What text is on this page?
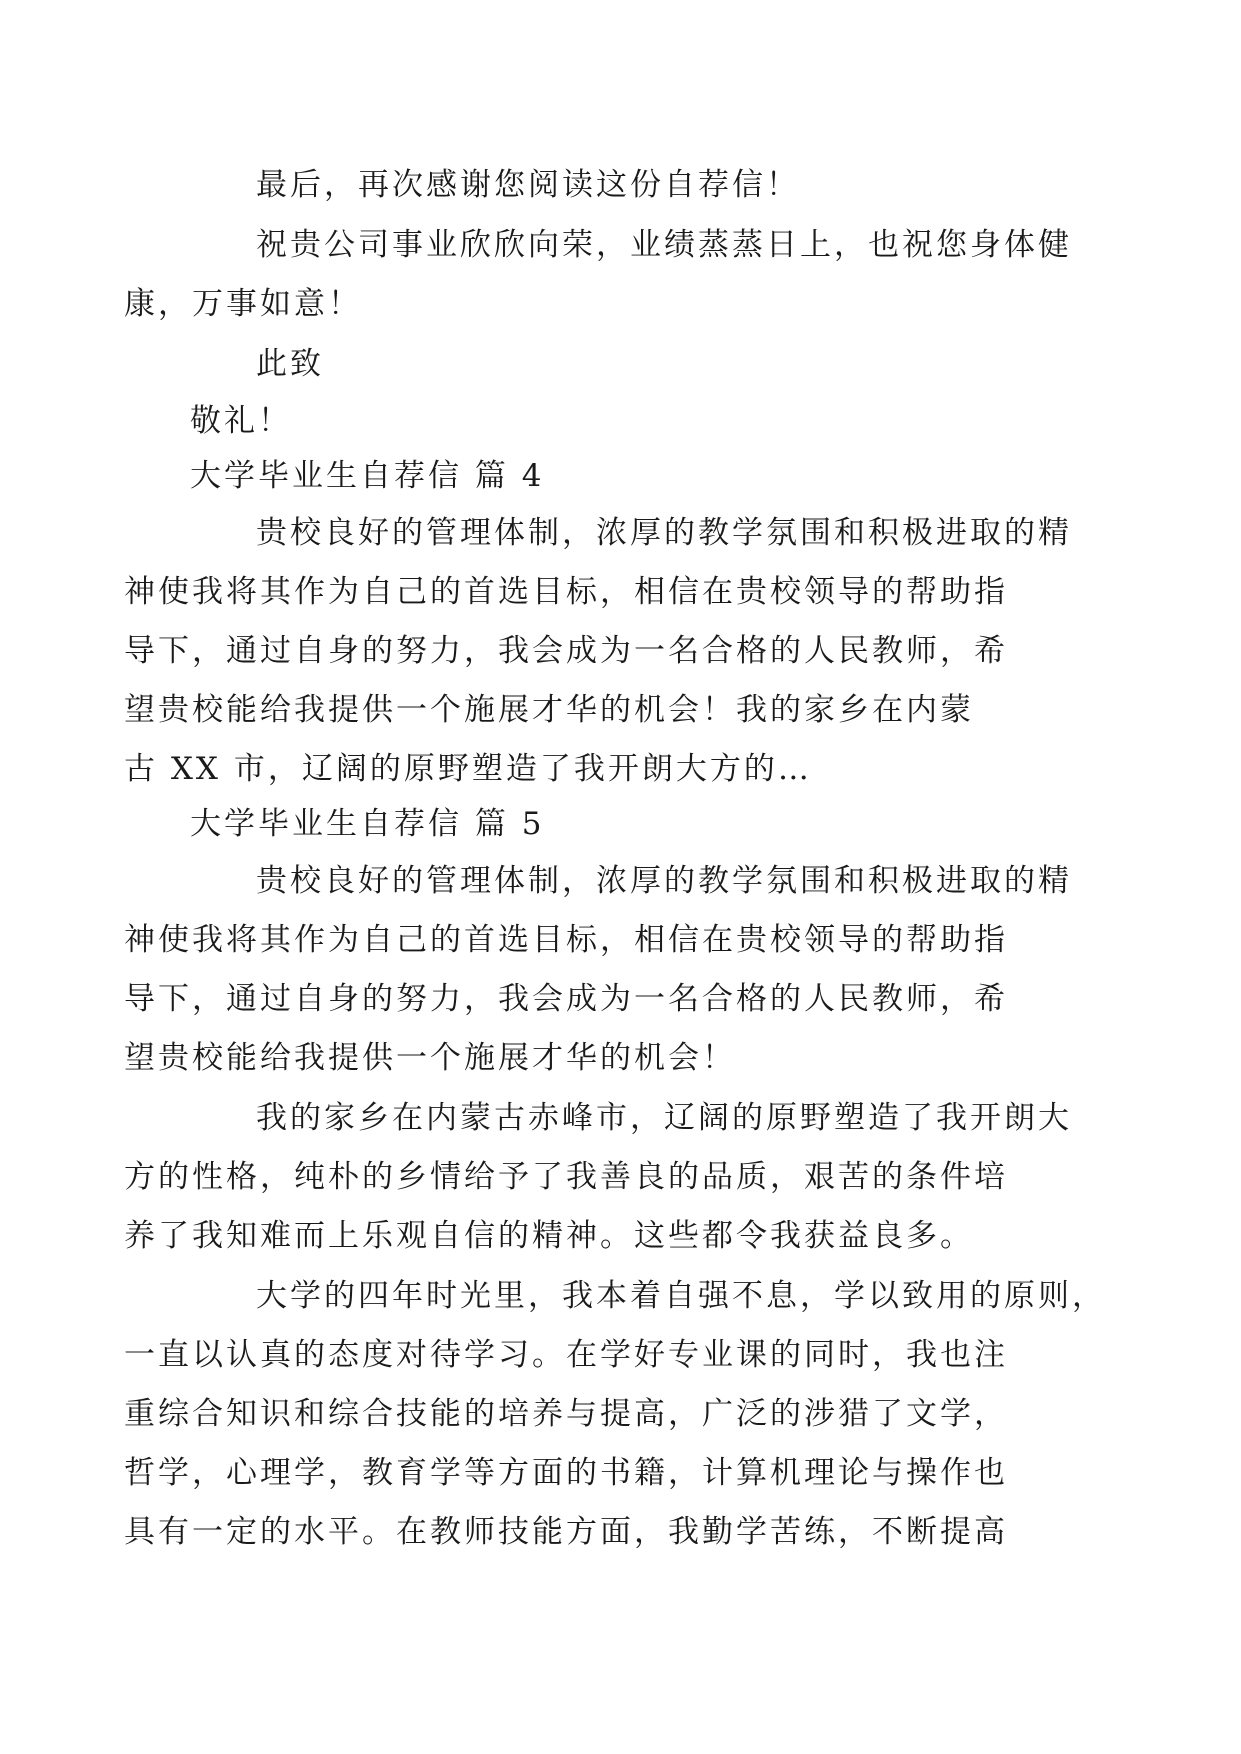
最后，再次感谢您阅读这份自荐信！
祝贵公司事业欣欣向荣，业绩蒸蒸日上，也祝您身体健
康，万事如意！
此致
敬礼！
大学毕业生自荐信 篇 4
贵校良好的管理体制，浓厚的教学氛围和积极进取的精
神使我将其作为自己的首选目标，相信在贵校领导的帮助指
导下，通过自身的努力，我会成为一名合格的人民教师，希
望贵校能给我提供一个施展才华的机会！我的家乡在内蒙
古 XX 市，辽阔的原野塑造了我开朗大方的…
大学毕业生自荐信 篇 5
贵校良好的管理体制，浓厚的教学氛围和积极进取的精
神使我将其作为自己的首选目标，相信在贵校领导的帮助指
导下，通过自身的努力，我会成为一名合格的人民教师，希
望贵校能给我提供一个施展才华的机会！
我的家乡在内蒙古赤峰市，辽阔的原野塑造了我开朗大
方的性格，纯朴的乡情给予了我善良的品质，艰苦的条件培
养了我知难而上乐观自信的精神。这些都令我获益良多。
大学的四年时光里，我本着自强不息，学以致用的原则，
一直以认真的态度对待学习。在学好专业课的同时，我也注
重综合知识和综合技能的培养与提高，广泛的涉猎了文学，
哲学，心理学，教育学等方面的书籍，计算机理论与操作也
具有一定的水平。在教师技能方面，我勤学苦练，不断提高
